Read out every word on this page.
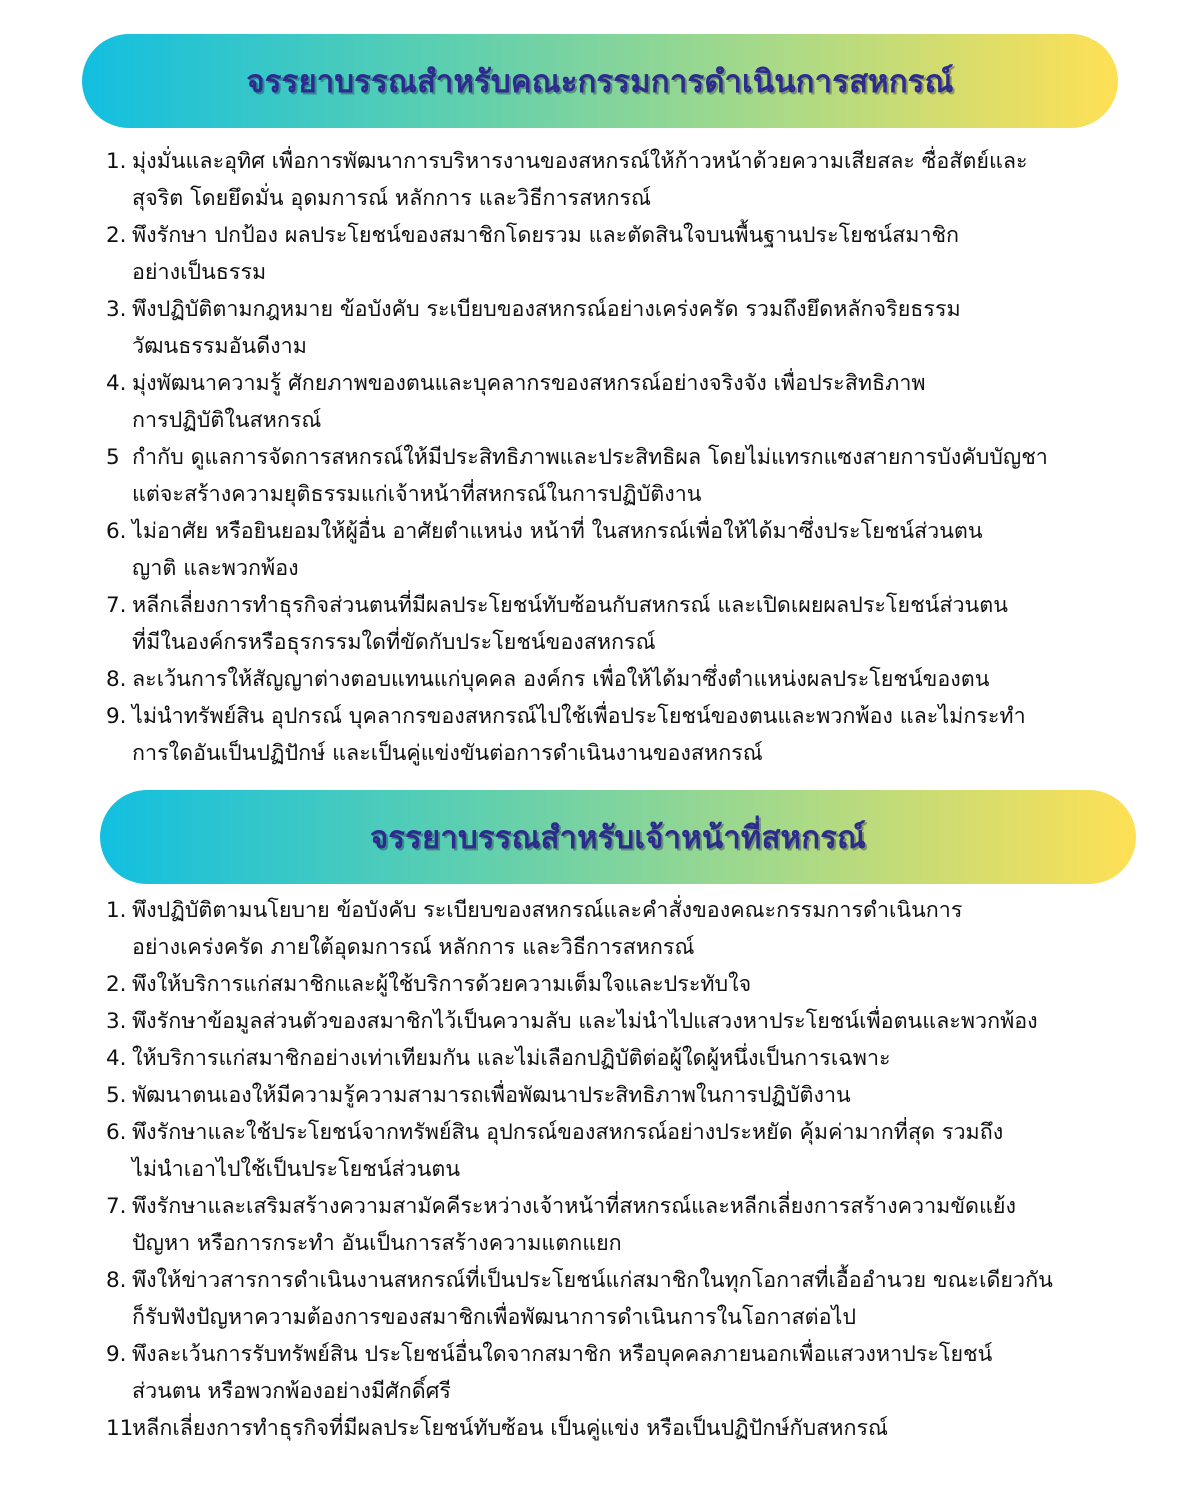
จรรยาบรรณสำหรับคณะกรรมการดำเนินการสหกรณ์
1. มุ่งมั่นและอุทิศ เพื่อการพัฒนาการบริหารงานของสหกรณ์ให้ก้าวหน้าด้วยความเสียสละ ซื่อสัตย์และ
สุจริต โดยยึดมั่น อุดมการณ์ หลักการ และวิธีการสหกรณ์
2. พึงรักษา ปกป้อง ผลประโยชน์ของสมาชิกโดยรวม และตัดสินใจบนพื้นฐานประโยชน์สมาชิก
อย่างเป็นธรรม
3. พึงปฏิบัติตามกฎหมาย ข้อบังคับ ระเบียบของสหกรณ์อย่างเคร่งครัด รวมถึงยึดหลักจริยธรรม
วัฒนธรรมอันดีงาม
4. มุ่งพัฒนาความรู้ ศักยภาพของตนและบุคลากรของสหกรณ์อย่างจริงจัง เพื่อประสิทธิภาพ
การปฏิบัติในสหกรณ์
5 กำกับ ดูแลการจัดการสหกรณ์ให้มีประสิทธิภาพและประสิทธิผล โดยไม่แทรกแซงสายการบังคับบัญชา
แต่จะสร้างความยุติธรรมแก่เจ้าหน้าที่สหกรณ์ในการปฏิบัติงาน
6. ไม่อาศัย หรือยินยอมให้ผู้อื่น อาศัยตำแหน่ง หน้าที่ ในสหกรณ์เพื่อให้ได้มาซึ่งประโยชน์ส่วนตน
ญาติ และพวกพ้อง
7. หลีกเลี่ยงการทำธุรกิจส่วนตนที่มีผลประโยชน์ทับซ้อนกับสหกรณ์ และเปิดเผยผลประโยชน์ส่วนตน
ที่มีในองค์กรหรือธุรกรรมใดที่ขัดกับประโยชน์ของสหกรณ์
8. ละเว้นการให้สัญญาต่างตอบแทนแก่บุคคล องค์กร เพื่อให้ได้มาซึ่งตำแหน่งผลประโยชน์ของตน
9. ไม่นำทรัพย์สิน อุปกรณ์ บุคลากรของสหกรณ์ไปใช้เพื่อประโยชน์ของตนและพวกพ้อง และไม่กระทำ
การใดอันเป็นปฏิปักษ์ และเป็นคู่แข่งขันต่อการดำเนินงานของสหกรณ์
จรรยาบรรณสำหรับเจ้าหน้าที่สหกรณ์
1. พึงปฏิบัติตามนโยบาย ข้อบังคับ ระเบียบของสหกรณ์และคำสั่งของคณะกรรมการดำเนินการ
อย่างเคร่งครัด ภายใต้อุดมการณ์ หลักการ และวิธีการสหกรณ์
2. พึงให้บริการแก่สมาชิกและผู้ใช้บริการด้วยความเต็มใจและประทับใจ
3. พึงรักษาข้อมูลส่วนตัวของสมาชิกไว้เป็นความลับ และไม่นำไปแสวงหาประโยชน์เพื่อตนและพวกพ้อง
4. ให้บริการแก่สมาชิกอย่างเท่าเทียมกัน และไม่เลือกปฏิบัติต่อผู้ใดผู้หนึ่งเป็นการเฉพาะ
5. พัฒนาตนเองให้มีความรู้ความสามารถเพื่อพัฒนาประสิทธิภาพในการปฏิบัติงาน
6. พึงรักษาและใช้ประโยชน์จากทรัพย์สิน อุปกรณ์ของสหกรณ์อย่างประหยัด คุ้มค่ามากที่สุด รวมถึง
ไม่นำเอาไปใช้เป็นประโยชน์ส่วนตน
7. พึงรักษาและเสริมสร้างความสามัคคีระหว่างเจ้าหน้าที่สหกรณ์และหลีกเลี่ยงการสร้างความขัดแย้ง
ปัญหา หรือการกระทำ อันเป็นการสร้างความแตกแยก
8. พึงให้ข่าวสารการดำเนินงานสหกรณ์ที่เป็นประโยชน์แก่สมาชิกในทุกโอกาสที่เอื้ออำนวย ขณะเดียวกัน
ก็รับฟังปัญหาความต้องการของสมาชิกเพื่อพัฒนาการดำเนินการในโอกาสต่อไป
9. พึงละเว้นการรับทรัพย์สิน ประโยชน์อื่นใดจากสมาชิก หรือบุคคลภายนอกเพื่อแสวงหาประโยชน์
ส่วนตน หรือพวกพ้องอย่างมีศักดิ์ศรี
11.
หลีกเลี่ยงการทำธุรกิจที่มีผลประโยชน์ทับซ้อน เป็นคู่แข่ง หรือเป็นปฏิปักษ์กับสหกรณ์
